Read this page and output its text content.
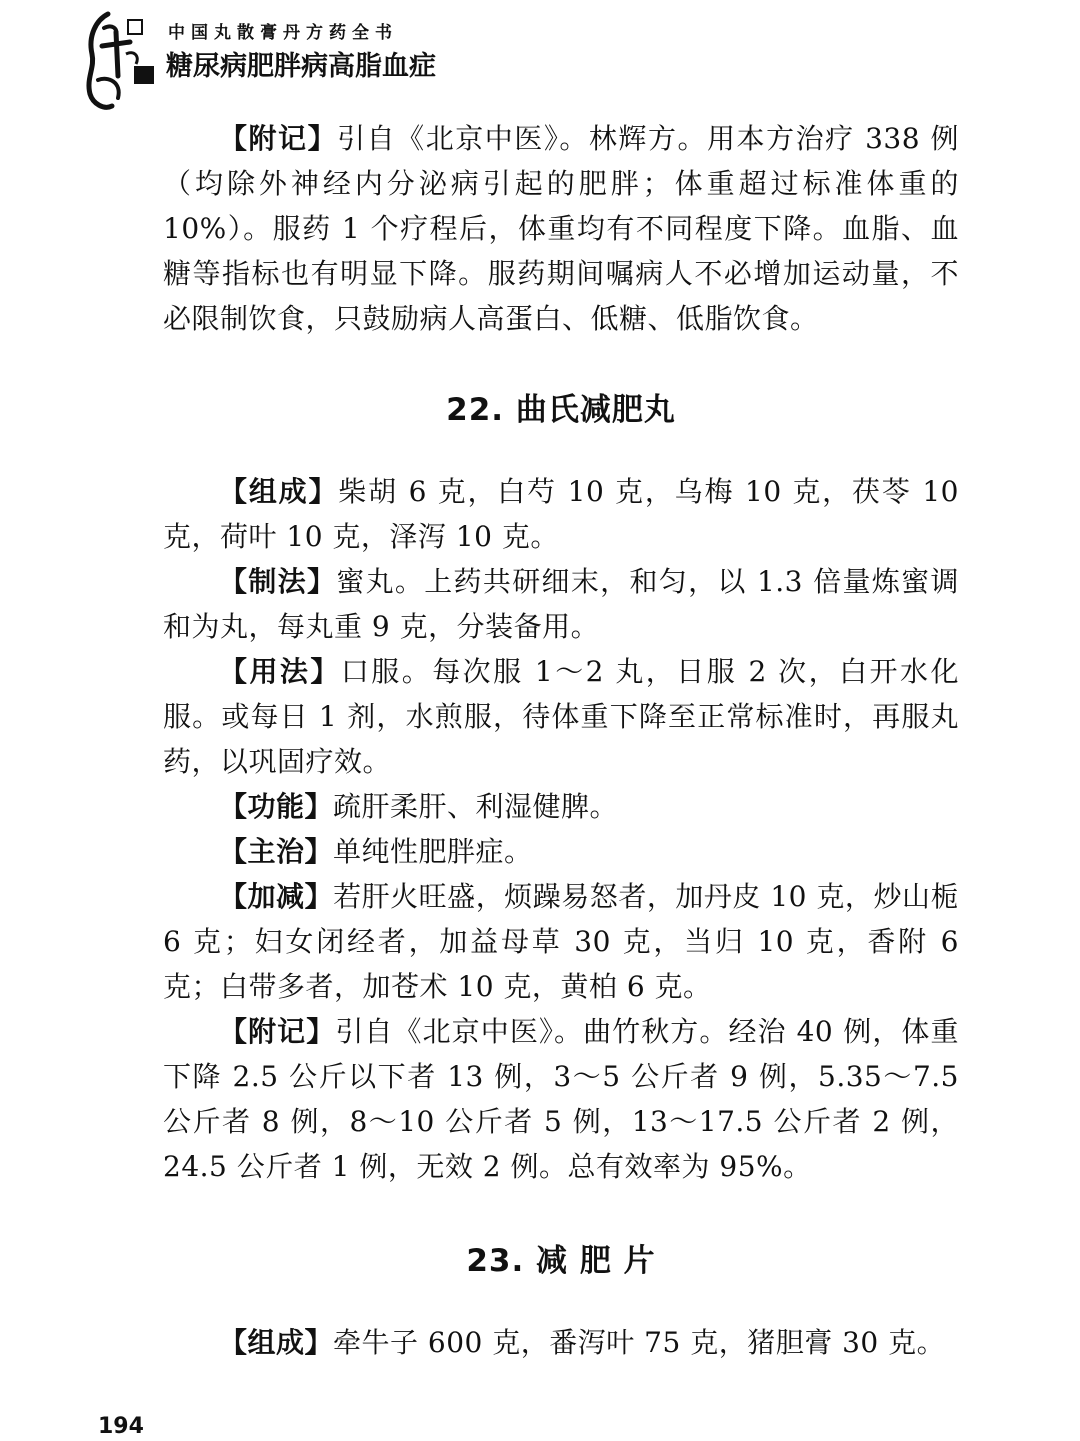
中国丸散膏丹方药全书

糖尿病肥胖病高脂血症

【附记】引自《北京中医》。林辉方。用本方治疗 338 例（均除外神经内分泌病引起的肥胖；体重超过标准体重的 10%）。服药 1 个疗程后，体重均有不同程度下降。血脂、血糖等指标也有明显下降。服药期间嘱病人不必增加运动量，不必限制饮食，只鼓励病人高蛋白、低糖、低脂饮食。

22. 曲氏减肥丸

【组成】柴胡 6 克，白芍 10 克，乌梅 10 克，茯苓 10 克，荷叶 10 克，泽泻 10 克。

【制法】蜜丸。上药共研细末，和匀，以 1.3 倍量炼蜜调和为丸，每丸重 9 克，分装备用。

【用法】口服。每次服 1～2 丸，日服 2 次，白开水化服。或每日 1 剂，水煎服，待体重下降至正常标准时，再服丸药，以巩固疗效。

【功能】疏肝柔肝、利湿健脾。

【主治】单纯性肥胖症。

【加减】若肝火旺盛，烦躁易怒者，加丹皮 10 克，炒山栀 6 克；妇女闭经者，加益母草 30 克，当归 10 克，香附 6 克；白带多者，加苍术 10 克，黄柏 6 克。

【附记】引自《北京中医》。曲竹秋方。经治 40 例，体重下降 2.5 公斤以下者 13 例，3～5 公斤者 9 例，5.35～7.5 公斤者 8 例，8～10 公斤者 5 例，13～17.5 公斤者 2 例，24.5 公斤者 1 例，无效 2 例。总有效率为 95%。

23. 减 肥 片

【组成】牵牛子 600 克，番泻叶 75 克，猪胆膏 30 克。

194
